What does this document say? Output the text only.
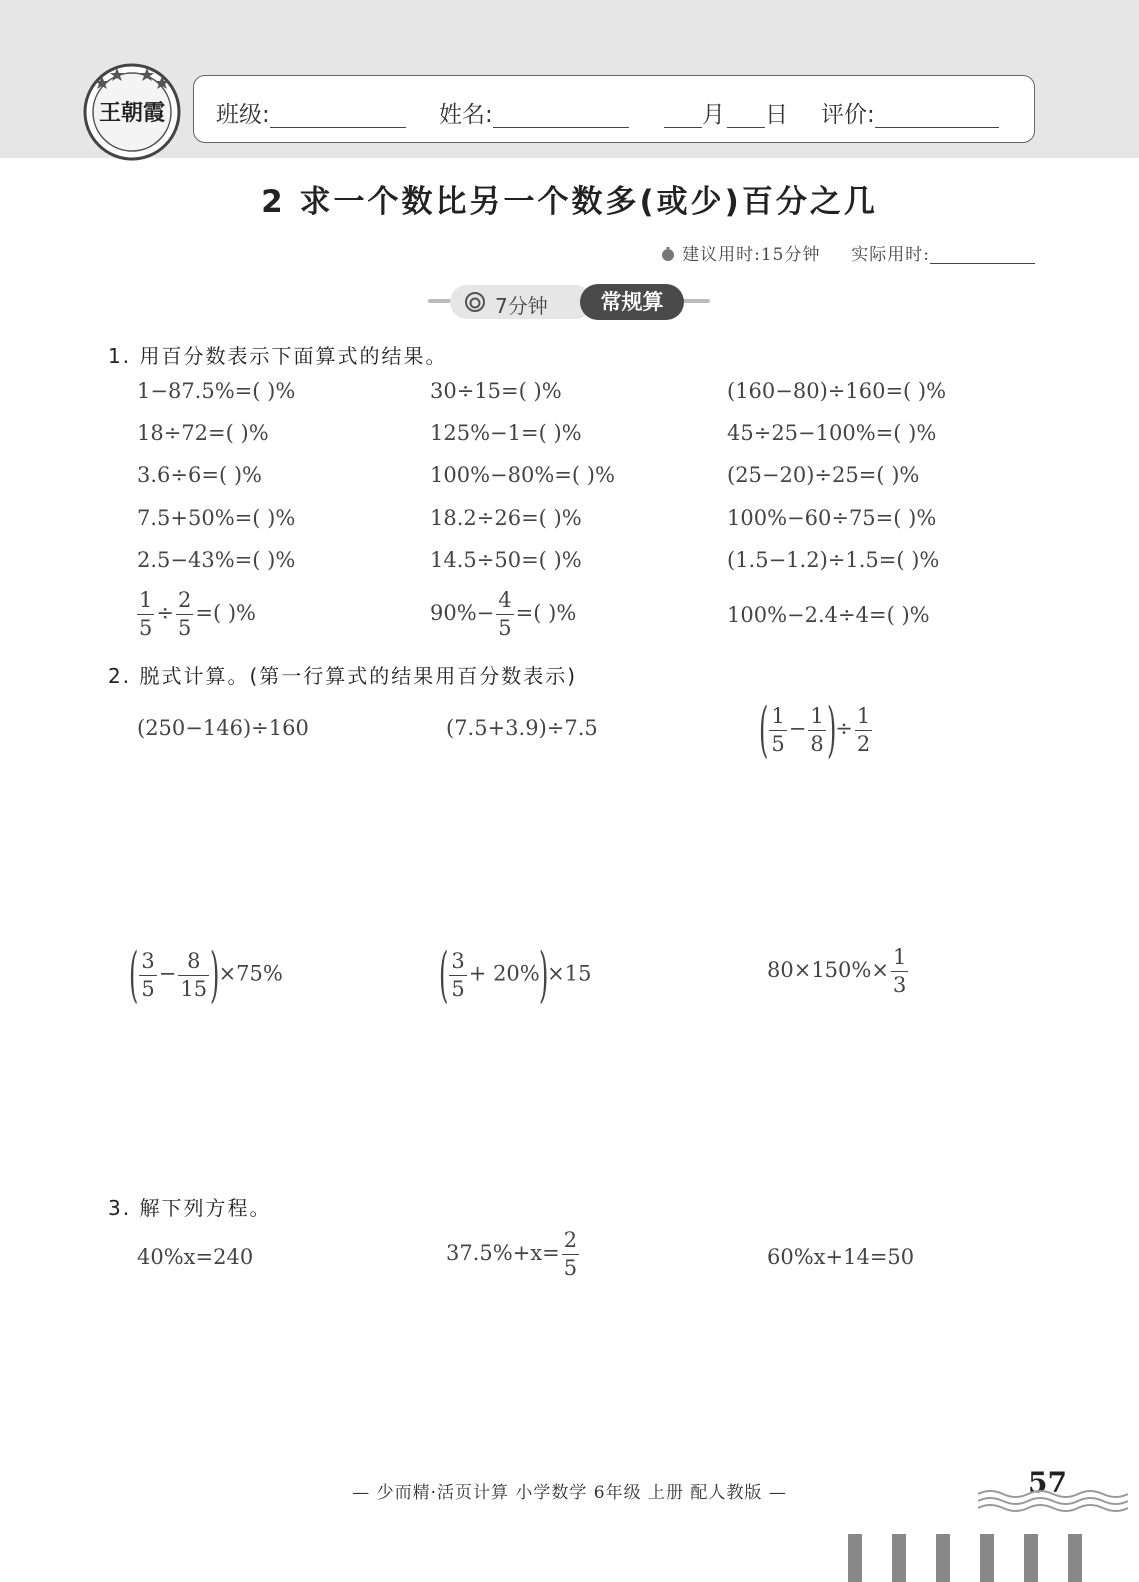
王朝霞 班级:	姓名:	月 日 评价:
2 求一个数比另一个数多(或少)百分之几
建议用时:15分钟 实际用时:
7分钟	常规算
1. 用百分数表示下面算式的结果。
1−87.5%=( )%	30÷15=( )%	(160−80)÷160=( )%
18÷72=( )%	125%−1=( )%	45÷25−100%=( )%
3.6÷6=( )%	100%−80%=( )%	(25−20)÷25=( )%
7.5+50%=( )%	18.2÷26=( )%	100%−60÷75=( )%
2.5−43%=( )%	14.5÷50=( )%	(1.5−1.2)÷1.5=( )%
$\frac{1}{5} \div \frac{2}{5}$ =( )%	$90\%- \frac{4}{5}$ =( )%	100%−2.4÷4=( )%
2. 脱式计算。(第一行算式的结果用百分数表示)
(250−146)÷160	(7.5+3.9)÷7.5	( $\frac{1}{5} - \frac{1}{8}$ )÷ $\frac{1}{2}$
( $\frac{3}{5} - \frac{8}{15} )\times 75\%$	( $\frac{3}{5} + 20\%)\times 15$	$80\times 150\%\times \frac{1}{3}$
3. 解下列方程。
40%x=240	$37.5\%+x= \frac{2}{5}$	60%x+14=50
— 少而精·活页计算 小学数学 6年级 上册 配人教版 —	57
